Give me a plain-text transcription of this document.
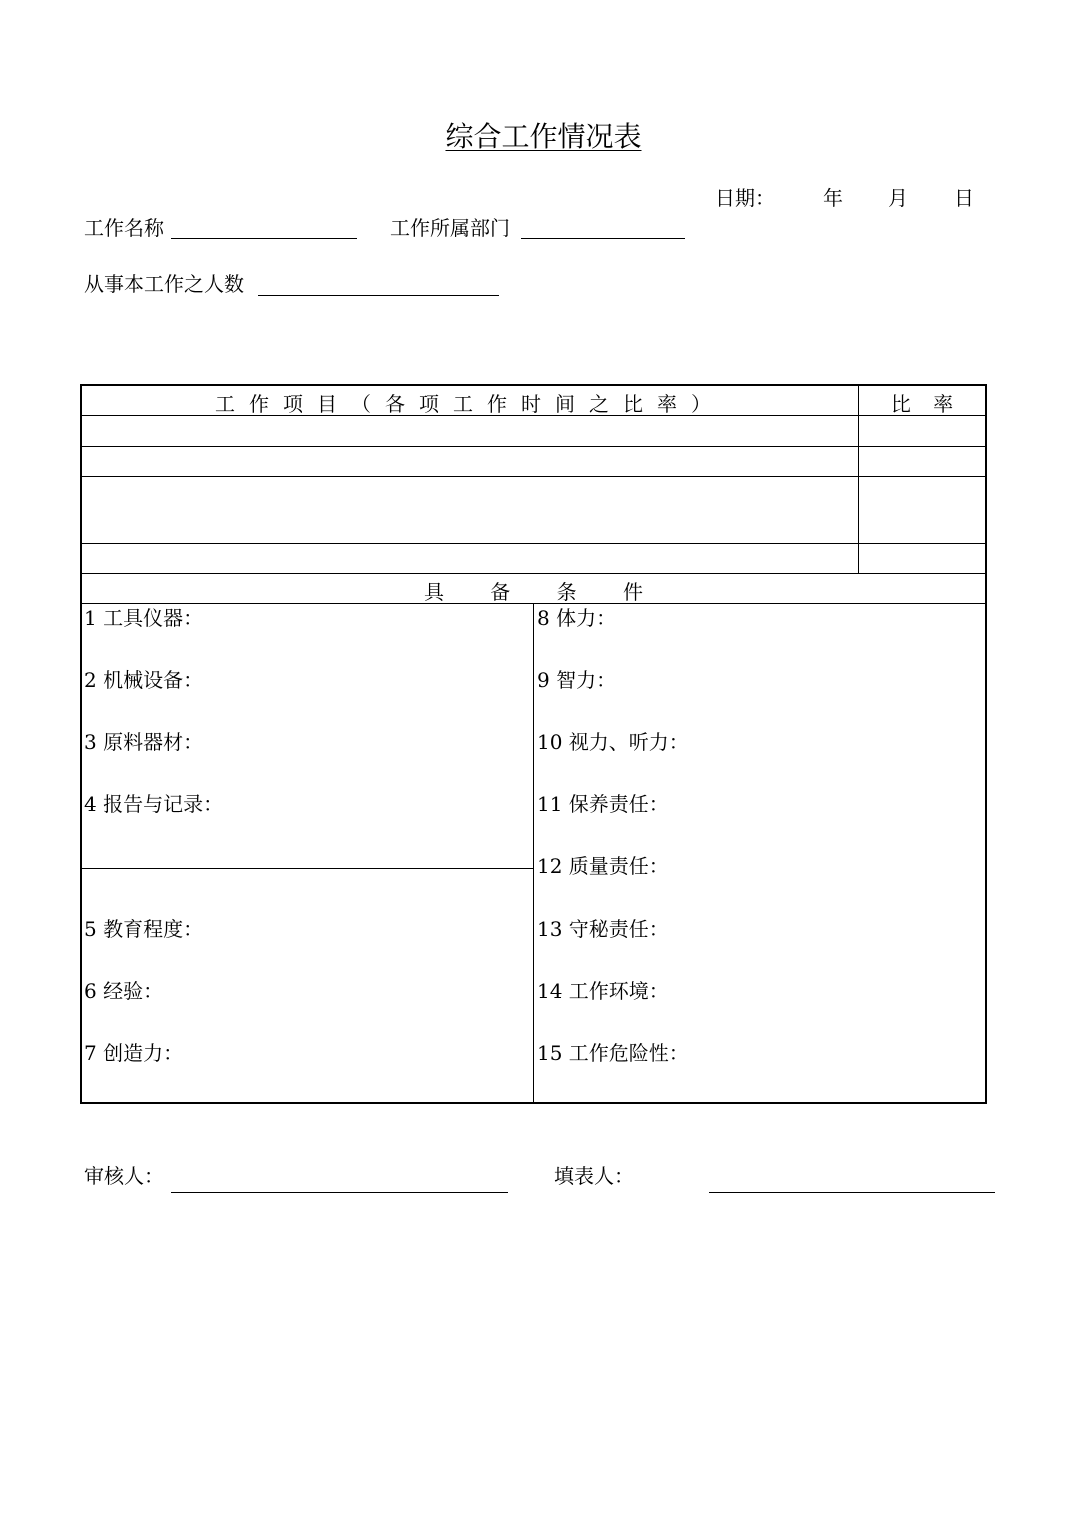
综合工作情况表
日期： 年 月 日
工作名称	工作所属部门
从事本工作之人数
工作项目（各项工作时间之比率）	比 率
具 备 条 件
1 工具仪器：
2 机械设备：
3 原料器材：
4 报告与记录：
5 教育程度：
6 经验：
7 创造力：
8 体力：
9 智力：
10 视力、听力：
11 保养责任：
12 质量责任：
13 守秘责任：
14 工作环境：
15 工作危险性：
审核人：	填表人：
